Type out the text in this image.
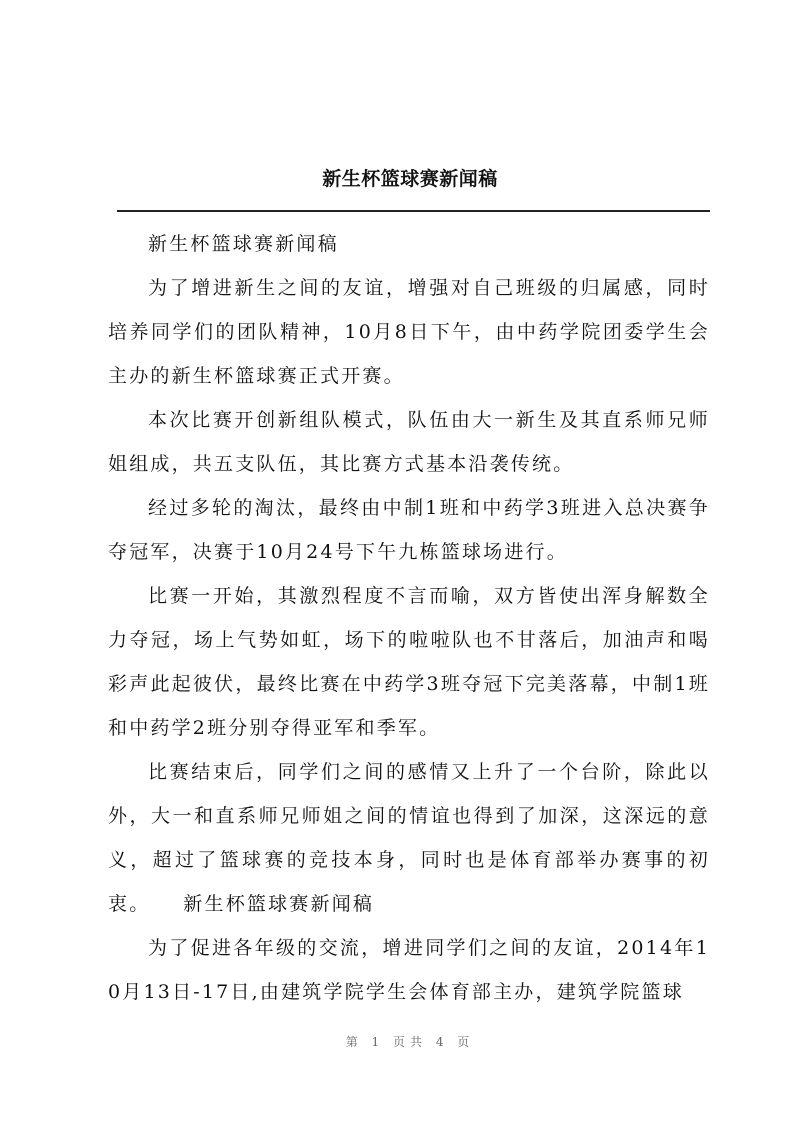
新生杯篮球赛新闻稿

新生杯篮球赛新闻稿

为了增进新生之间的友谊，增强对自己班级的归属感，同时培养同学们的团队精神，10月8日下午，由中药学院团委学生会主办的新生杯篮球赛正式开赛。

本次比赛开创新组队模式，队伍由大一新生及其直系师兄师姐组成，共五支队伍，其比赛方式基本沿袭传统。

经过多轮的淘汰，最终由中制1班和中药学3班进入总决赛争夺冠军，决赛于10月24号下午九栋篮球场进行。

比赛一开始，其激烈程度不言而喻，双方皆使出浑身解数全力夺冠，场上气势如虹，场下的啦啦队也不甘落后，加油声和喝彩声此起彼伏，最终比赛在中药学3班夺冠下完美落幕，中制1班和中药学2班分别夺得亚军和季军。

比赛结束后，同学们之间的感情又上升了一个台阶，除此以外，大一和直系师兄师姐之间的情谊也得到了加深，这深远的意义，超过了篮球赛的竞技本身，同时也是体育部举办赛事的初衷。　　新生杯篮球赛新闻稿

为了促进各年级的交流，增进同学们之间的友谊，2014年10月13日-17日,由建筑学院学生会体育部主办，建筑学院篮球

第 1 页共 4 页
